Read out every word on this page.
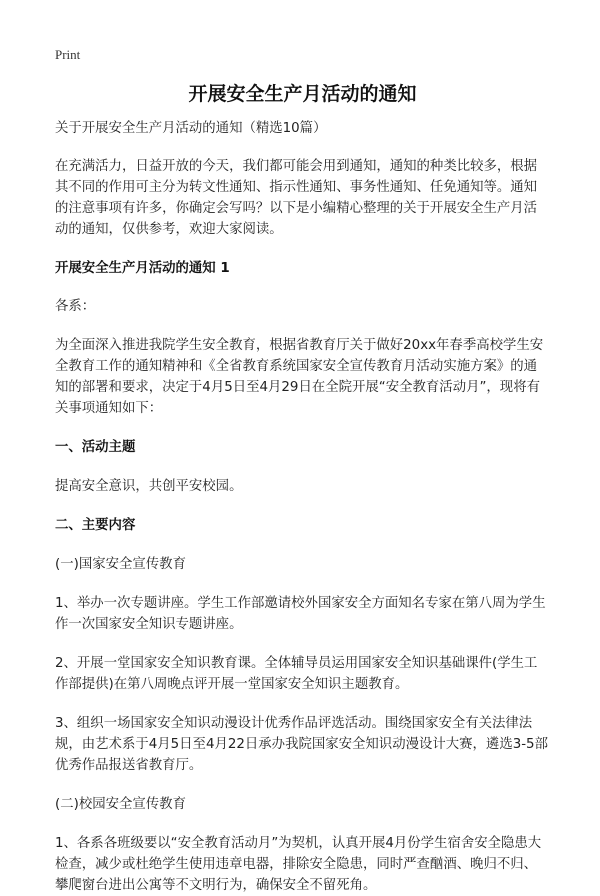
Print
开展安全生产月活动的通知

关于开展安全生产月活动的通知（精选10篇）

在充满活力，日益开放的今天，我们都可能会用到通知，通知的种类比较多，根据其不同的作用可主分为转文性通知、指示性通知、事务性通知、任免通知等。通知的注意事项有许多，你确定会写吗？以下是小编精心整理的关于开展安全生产月活动的通知，仅供参考，欢迎大家阅读。

开展安全生产月活动的通知 1

各系：

为全面深入推进我院学生安全教育，根据省教育厅关于做好20xx年春季高校学生安全教育工作的通知精神和《全省教育系统国家安全宣传教育月活动实施方案》的通知的部署和要求，决定于4月5日至4月29日在全院开展“安全教育活动月”，现将有关事项通知如下：

一、活动主题

提高安全意识，共创平安校园。

二、主要内容

(一)国家安全宣传教育

1、举办一次专题讲座。学生工作部邀请校外国家安全方面知名专家在第八周为学生作一次国家安全知识专题讲座。

2、开展一堂国家安全知识教育课。全体辅导员运用国家安全知识基础课件(学生工作部提供)在第八周晚点评开展一堂国家安全知识主题教育。

3、组织一场国家安全知识动漫设计优秀作品评选活动。围绕国家安全有关法律法规，由艺术系于4月5日至4月22日承办我院国家安全知识动漫设计大赛，遴选3-5部优秀作品报送省教育厅。

(二)校园安全宣传教育

1、各系各班级要以“安全教育活动月”为契机，认真开展4月份学生宿舍安全隐患大检查，减少或杜绝学生使用违章电器，排除安全隐患，同时严查酗酒、晚归不归、攀爬窗台进出公寓等不文明行为，确保安全不留死角。
